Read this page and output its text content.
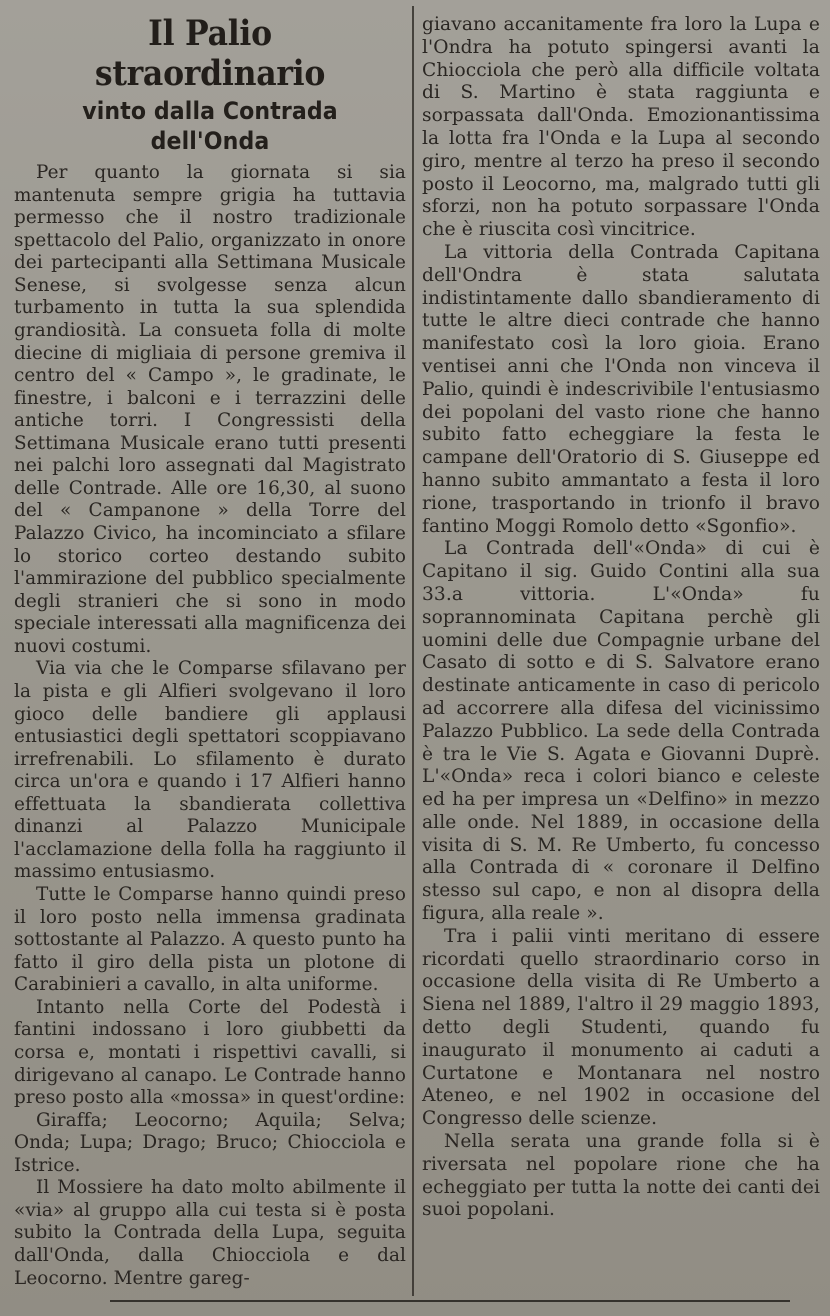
Il Palio straordinario
vinto dalla Contrada dell'Onda

Per quanto la giornata si sia mantenuta sempre grigia ha tuttavia permesso che il nostro tradizionale spettacolo del Palio, organizzato in onore dei partecipanti alla Settimana Musicale Senese, si svolgesse senza alcun turbamento in tutta la sua splendida grandiosità. La consueta folla di molte diecine di migliaia di persone gremiva il centro del « Campo », le gradinate, le finestre, i balconi e i terrazzini delle antiche torri. I Congressisti della Settimana Musicale erano tutti presenti nei palchi loro assegnati dal Magistrato delle Contrade. Alle ore 16,30, al suono del « Campanone » della Torre del Palazzo Civico, ha incominciato a sfilare lo storico corteo destando subito l'ammirazione del pubblico specialmente degli stranieri che si sono in modo speciale interessati alla magnificenza dei nuovi costumi.

Via via che le Comparse sfilavano per la pista e gli Alfieri svolgevano il loro gioco delle bandiere gli applausi entusiastici degli spettatori scoppiavano irrefrenabili. Lo sfilamento è durato circa un'ora e quando i 17 Alfieri hanno effettuata la sbandierata collettiva dinanzi al Palazzo Municipale l'acclamazione della folla ha raggiunto il massimo entusiasmo.

Tutte le Comparse hanno quindi preso il loro posto nella immensa gradinata sottostante al Palazzo. A questo punto ha fatto il giro della pista un plotone di Carabinieri a cavallo, in alta uniforme.

Intanto nella Corte del Podestà i fantini indossano i loro giubbetti da corsa e, montati i rispettivi cavalli, si dirigevano al canapo. Le Contrade hanno preso posto alla «mossa» in quest'ordine:

Giraffa; Leocorno; Aquila; Selva; Onda; Lupa; Drago; Bruco; Chiocciola e Istrice.

Il Mossiere ha dato molto abilmente il «via» al gruppo alla cui testa si è posta subito la Contrada della Lupa, seguita dall'Onda, dalla Chiocciola e dal Leocorno. Mentre gareg-

giavano accanitamente fra loro la Lupa e l'Ondra ha potuto spingersi avanti la Chiocciola che però alla difficile voltata di S. Martino è stata raggiunta e sorpassata dall'Onda. Emozionantissima la lotta fra l'Onda e la Lupa al secondo giro, mentre al terzo ha preso il secondo posto il Leocorno, ma, malgrado tutti gli sforzi, non ha potuto sorpassare l'Onda che è riuscita così vincitrice.

La vittoria della Contrada Capitana dell'Ondra è stata salutata indistintamente dallo sbandieramento di tutte le altre dieci contrade che hanno manifestato così la loro gioia. Erano ventisei anni che l'Onda non vinceva il Palio, quindi è indescrivibile l'entusiasmo dei popolani del vasto rione che hanno subito fatto echeggiare la festa le campane dell'Oratorio di S. Giuseppe ed hanno subito ammantato a festa il loro rione, trasportando in trionfo il bravo fantino Moggi Romolo detto «Sgonfio».

La Contrada dell'«Onda» di cui è Capitano il sig. Guido Contini alla sua 33.a vittoria. L'«Onda» fu soprannominata Capitana perchè gli uomini delle due Compagnie urbane del Casato di sotto e di S. Salvatore erano destinate anticamente in caso di pericolo ad accorrere alla difesa del vicinissimo Palazzo Pubblico. La sede della Contrada è tra le Vie S. Agata e Giovanni Duprè. L'«Onda» reca i colori bianco e celeste ed ha per impresa un «Delfino» in mezzo alle onde. Nel 1889, in occasione della visita di S. M. Re Umberto, fu concesso alla Contrada di « coronare il Delfino stesso sul capo, e non al disopra della figura, alla reale ».

Tra i palii vinti meritano di essere ricordati quello straordinario corso in occasione della visita di Re Umberto a Siena nel 1889, l'altro il 29 maggio 1893, detto degli Studenti, quando fu inaugurato il monumento ai caduti a Curtatone e Montanara nel nostro Ateneo, e nel 1902 in occasione del Congresso delle scienze.

Nella serata una grande folla si è riversata nel popolare rione che ha echeggiato per tutta la notte dei canti dei suoi popolani.
